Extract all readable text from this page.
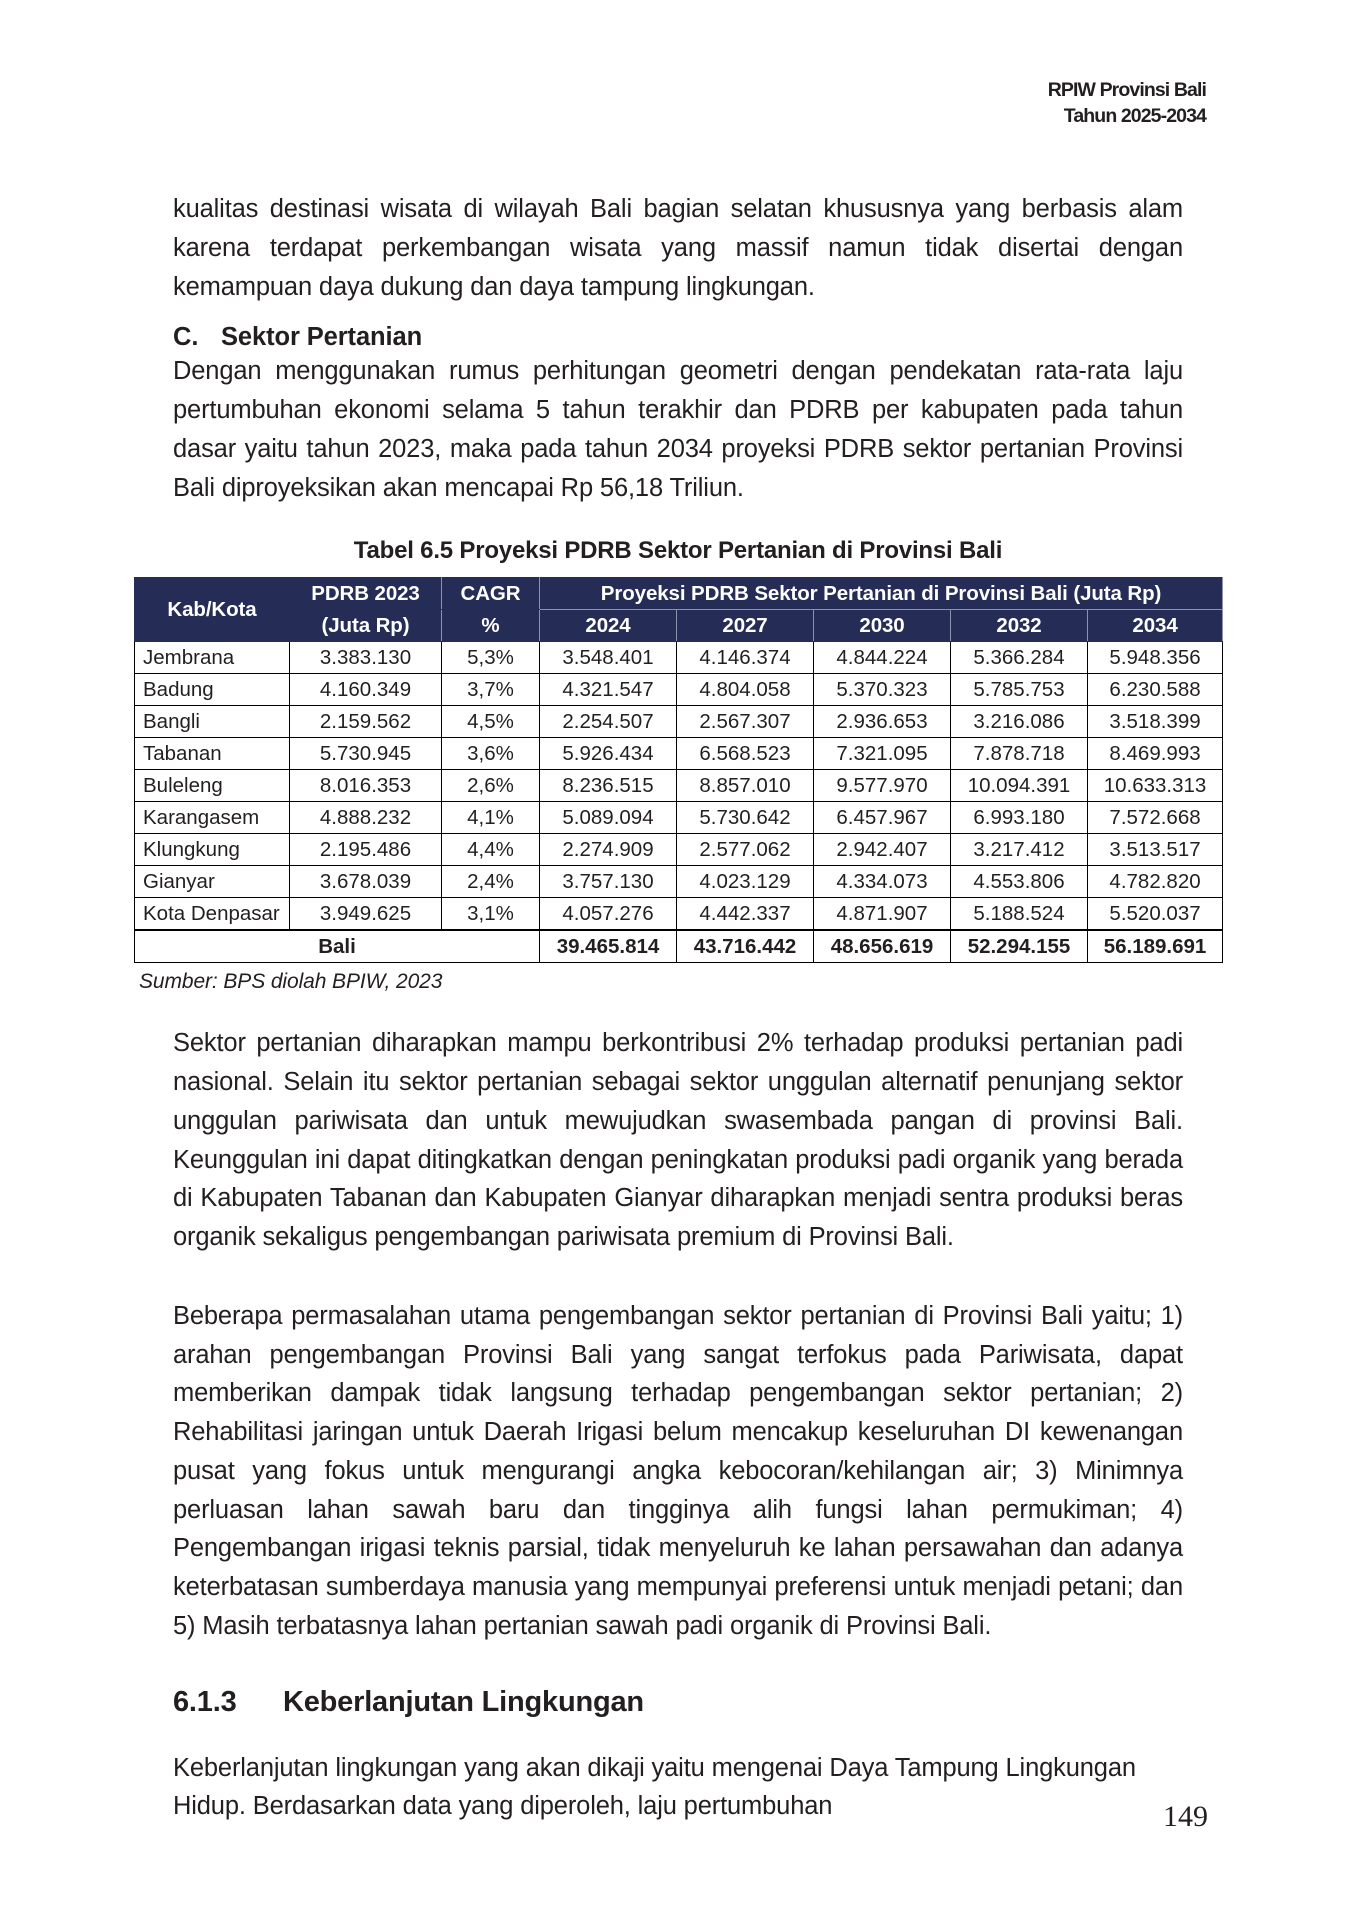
RPIW Provinsi Bali
Tahun 2025-2034

kualitas destinasi wisata di wilayah Bali bagian selatan khususnya yang berbasis alam karena terdapat perkembangan wisata yang massif namun tidak disertai dengan kemampuan daya dukung dan daya tampung lingkungan.

C. Sektor Pertanian

Dengan menggunakan rumus perhitungan geometri dengan pendekatan rata-rata laju pertumbuhan ekonomi selama 5 tahun terakhir dan PDRB per kabupaten pada tahun dasar yaitu tahun 2023, maka pada tahun 2034 proyeksi PDRB sektor pertanian Provinsi Bali diproyeksikan akan mencapai Rp 56,18 Triliun.

Tabel 6.5 Proyeksi PDRB Sektor Pertanian di Provinsi Bali

Kab/Kota	PDRB 2023	CAGR	Proyeksi PDRB Sektor Pertanian di Provinsi Bali (Juta Rp)				
	(Juta Rp)	%	2024	2027	2030	2032	2034
Jembrana	3.383.130	5,3%	3.548.401	4.146.374	4.844.224	5.366.284	5.948.356
Badung	4.160.349	3,7%	4.321.547	4.804.058	5.370.323	5.785.753	6.230.588
Bangli	2.159.562	4,5%	2.254.507	2.567.307	2.936.653	3.216.086	3.518.399
Tabanan	5.730.945	3,6%	5.926.434	6.568.523	7.321.095	7.878.718	8.469.993
Buleleng	8.016.353	2,6%	8.236.515	8.857.010	9.577.970	10.094.391	10.633.313
Karangasem	4.888.232	4,1%	5.089.094	5.730.642	6.457.967	6.993.180	7.572.668
Klungkung	2.195.486	4,4%	2.274.909	2.577.062	2.942.407	3.217.412	3.513.517
Gianyar	3.678.039	2,4%	3.757.130	4.023.129	4.334.073	4.553.806	4.782.820
Kota Denpasar	3.949.625	3,1%	4.057.276	4.442.337	4.871.907	5.188.524	5.520.037
Bali			39.465.814	43.716.442	48.656.619	52.294.155	56.189.691
Sumber: BPS diolah BPIW, 2023

Sektor pertanian diharapkan mampu berkontribusi 2% terhadap produksi pertanian padi nasional. Selain itu sektor pertanian sebagai sektor unggulan alternatif penunjang sektor unggulan pariwisata dan untuk mewujudkan swasembada pangan di provinsi Bali. Keunggulan ini dapat ditingkatkan dengan peningkatan produksi padi organik yang berada di Kabupaten Tabanan dan Kabupaten Gianyar diharapkan menjadi sentra produksi beras organik sekaligus pengembangan pariwisata premium di Provinsi Bali.

Beberapa permasalahan utama pengembangan sektor pertanian di Provinsi Bali yaitu; 1) arahan pengembangan Provinsi Bali yang sangat terfokus pada Pariwisata, dapat memberikan dampak tidak langsung terhadap pengembangan sektor pertanian; 2) Rehabilitasi jaringan untuk Daerah Irigasi belum mencakup keseluruhan DI kewenangan pusat yang fokus untuk mengurangi angka kebocoran/kehilangan air; 3) Minimnya perluasan lahan sawah baru dan tingginya alih fungsi lahan permukiman; 4) Pengembangan irigasi teknis parsial, tidak menyeluruh ke lahan persawahan dan adanya keterbatasan sumberdaya manusia yang mempunyai preferensi untuk menjadi petani; dan 5) Masih terbatasnya lahan pertanian sawah padi organik di Provinsi Bali.

6.1.3 Keberlanjutan Lingkungan

Keberlanjutan lingkungan yang akan dikaji yaitu mengenai Daya Tampung Lingkungan Hidup. Berdasarkan data yang diperoleh, laju pertumbuhan	149
